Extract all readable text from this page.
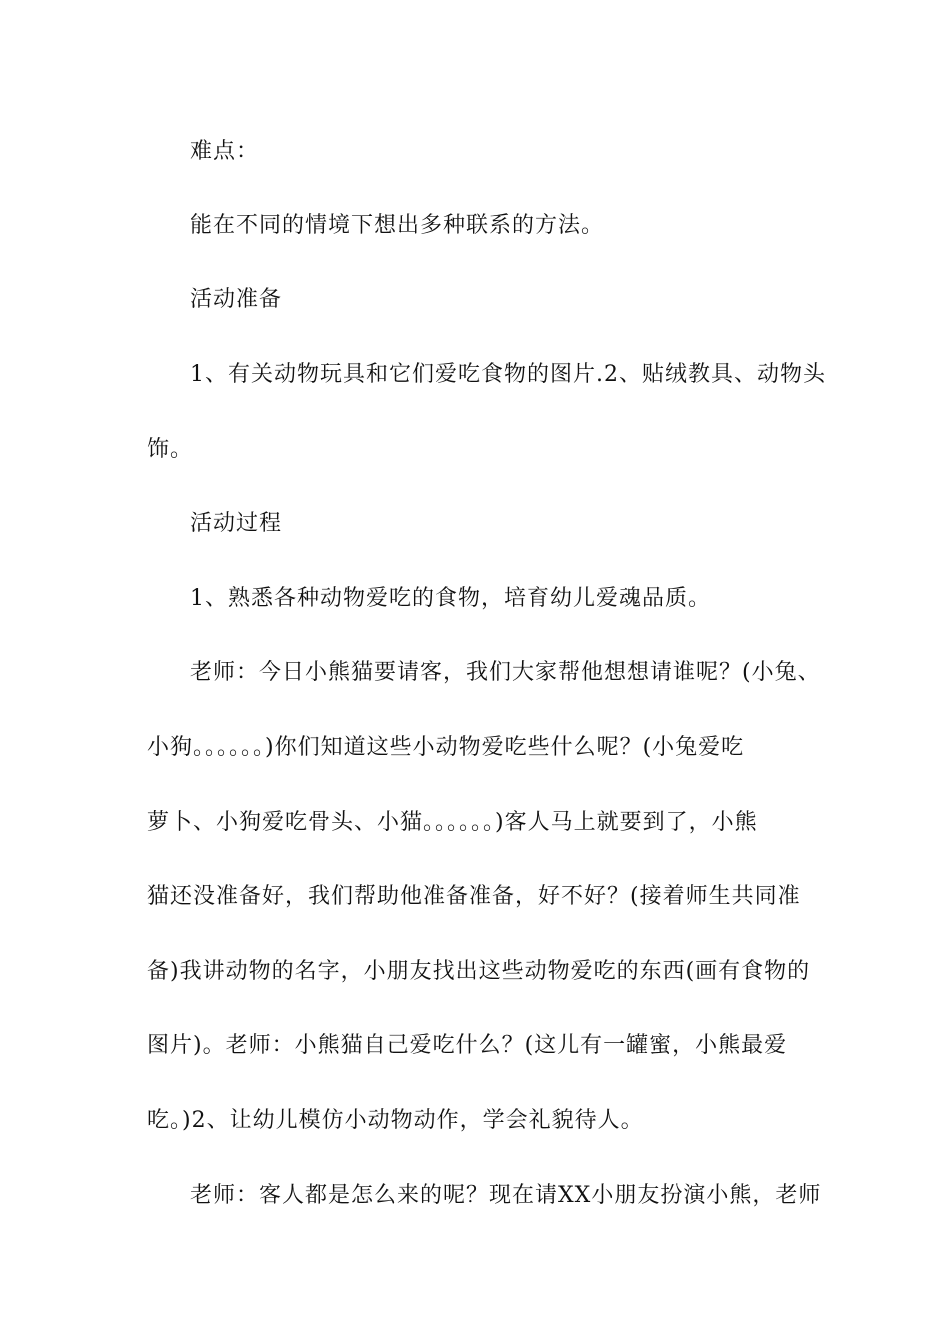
难点：
能在不同的情境下想出多种联系的方法。
活动准备
1、有关动物玩具和它们爱吃食物的图片.2、贴绒教具、动物头
饰。
活动过程
1、熟悉各种动物爱吃的食物，培育幼儿爱魂品质。
老师：今日小熊猫要请客，我们大家帮他想想请谁呢？(小兔、
小狗。。。。。。)你们知道这些小动物爱吃些什么呢？(小兔爱吃
萝卜、小狗爱吃骨头、小猫。。。。。。)客人马上就要到了，小熊
猫还没准备好，我们帮助他准备准备，好不好？(接着师生共同准
备)我讲动物的名字，小朋友找出这些动物爱吃的东西(画有食物的
图片)。老师：小熊猫自己爱吃什么？(这儿有一罐蜜，小熊最爱
吃。)2、让幼儿模仿小动物动作，学会礼貌待人。
老师：客人都是怎么来的呢？现在请XX小朋友扮演小熊，老师
